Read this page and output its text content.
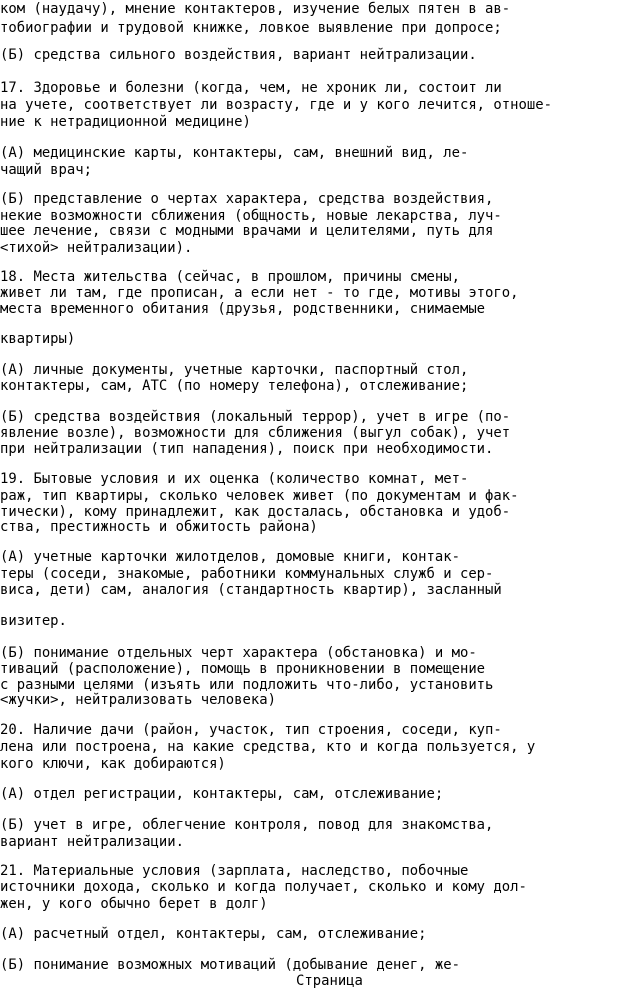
ком (наудачу), мнение контактеров, изучение белых пятен в ав-
тобиографии и трудовой книжке, ловкое выявление при допросе;
(Б) средства сильного воздействия, вариант нейтрализации.
17. Здоровье и болезни (когда, чем, не хроник ли, состоит ли
на учете, соответствует ли возрасту, где и у кого лечится, отноше-
ние к нетрадиционной медицине)
(А) медицинские карты, контактеры, сам, внешний вид, ле-
чащий врач;
(Б) представление о чертах характера, средства воздействия,
некие возможности сближения (общность, новые лекарства, луч-
шее лечение, связи с модными врачами и целителями, путь для
<тихой> нейтрализации).
18. Места жительства (сейчас, в прошлом, причины смены,
живет ли там, где прописан, а если нет - то где, мотивы этого,
места временного обитания (друзья, родственники, снимаемые
квартиры)
(А) личные документы, учетные карточки, паспортный стол,
контактеры, сам, АТС (по номеру телефона), отслеживание;
(Б) средства воздействия (локальный террор), учет в игре (по-
явление возле), возможности для сближения (выгул собак), учет
при нейтрализации (тип нападения), поиск при необходимости.
19. Бытовые условия и их оценка (количество комнат, мет-
раж, тип квартиры, сколько человек живет (по документам и фак-
тически), кому принадлежит, как досталась, обстановка и удоб-
ства, престижность и обжитость района)
(А) учетные карточки жилотделов, домовые книги, контак-
теры (соседи, знакомые, работники коммунальных служб и сер-
виса, дети) сам, аналогия (стандартность квартир), засланный
визитер.
(Б) понимание отдельных черт характера (обстановка) и мо-
тиваций (расположение), помощь в проникновении в помещение
с разными целями (изъять или подложить что-либо, установить
<жучки>, нейтрализовать человека)
20. Наличие дачи (район, участок, тип строения, соседи, куп-
лена или построена, на какие средства, кто и когда пользуется, у
кого ключи, как добираются)
(А) отдел регистрации, контактеры, сам, отслеживание;
(Б) учет в игре, облегчение контроля, повод для знакомства,
вариант нейтрализации.
21. Материальные условия (зарплата, наследство, побочные
источники дохода, сколько и когда получает, сколько и кому дол-
жен, у кого обычно берет в долг)
(А) расчетный отдел, контактеры, сам, отслеживание;
(Б) понимание возможных мотиваций (добывание денег, же-
Страница
